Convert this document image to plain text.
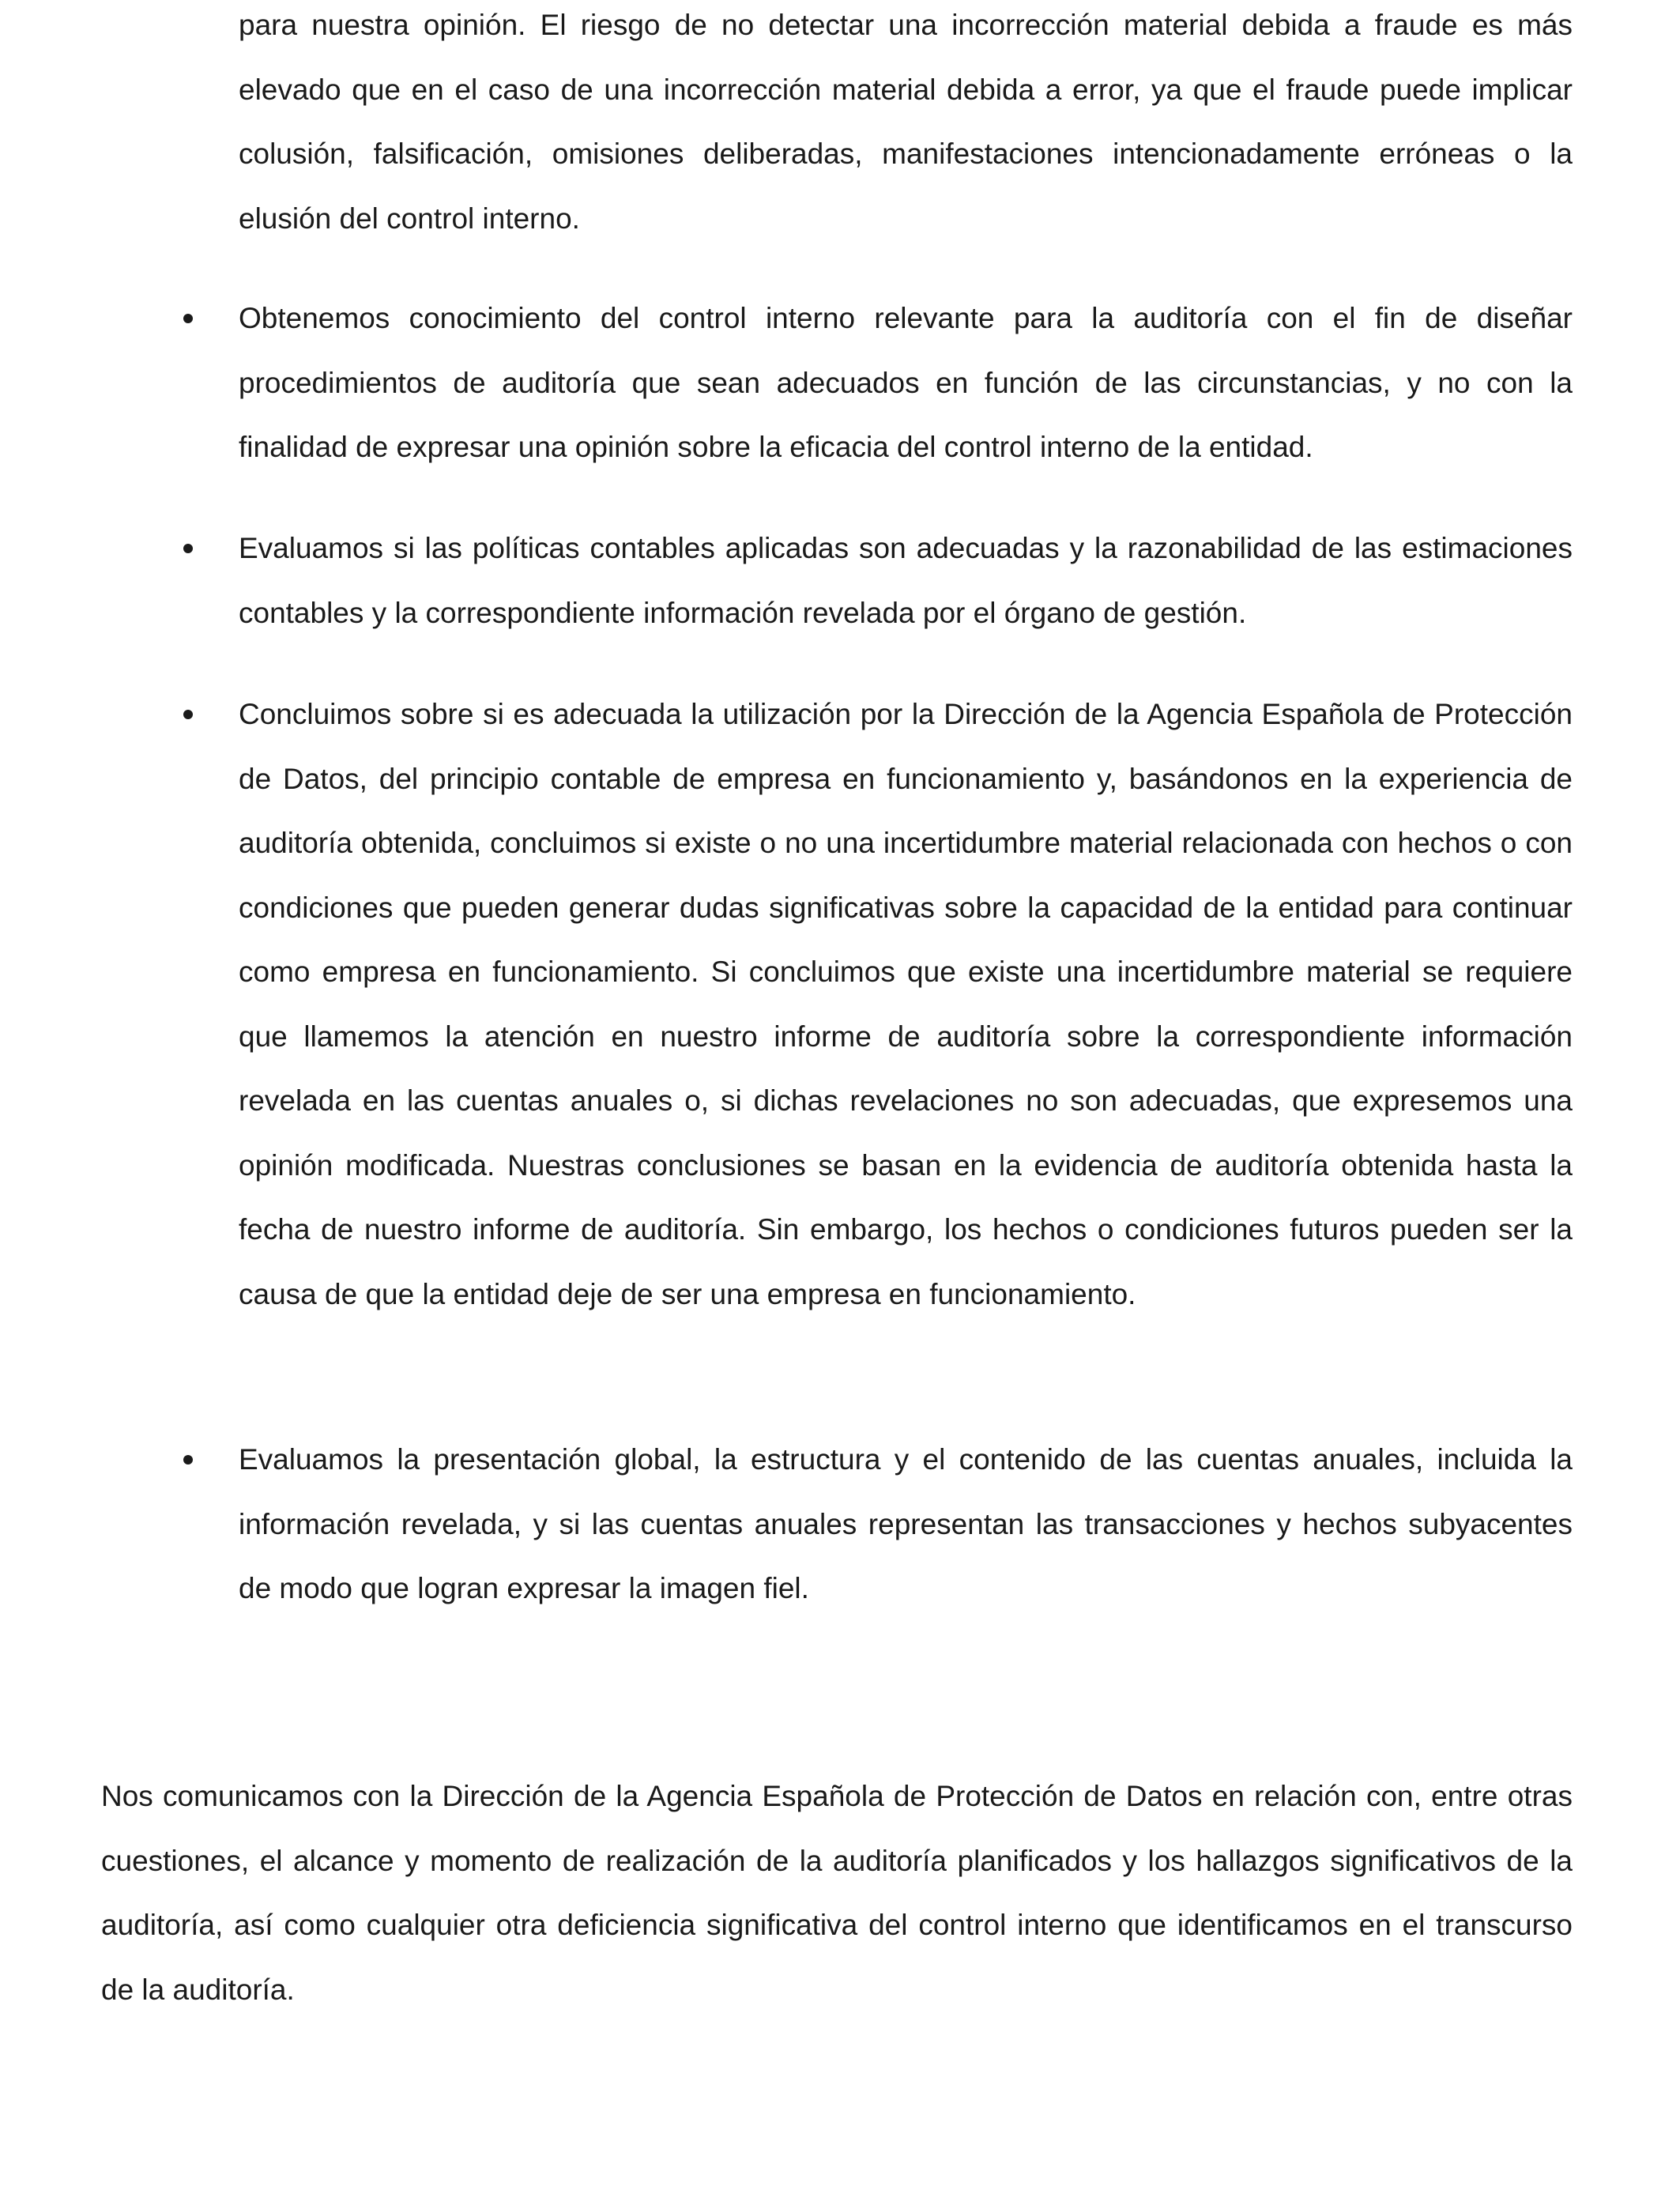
para nuestra opinión. El riesgo de no detectar una incorrección material debida a fraude es más elevado que en el caso de una incorrección material debida a error, ya que el fraude puede implicar colusión, falsificación, omisiones deliberadas, manifestaciones intencionadamente erróneas o la elusión del control interno.

Obtenemos conocimiento del control interno relevante para la auditoría con el fin de diseñar procedimientos de auditoría que sean adecuados en función de las circunstancias, y no con la finalidad de expresar una opinión sobre la eficacia del control interno de la entidad.
Evaluamos si las políticas contables aplicadas son adecuadas y la razonabilidad de las estimaciones contables y la correspondiente información revelada por el órgano de gestión.
Concluimos sobre si es adecuada la utilización por la Dirección de la Agencia Española de Protección de Datos, del principio contable de empresa en funcionamiento y, basándonos en la experiencia de auditoría obtenida, concluimos si existe o no una incertidumbre material relacionada con hechos o con condiciones que pueden generar dudas significativas sobre la capacidad de la entidad para continuar como empresa en funcionamiento. Si concluimos que existe una incertidumbre material se requiere que llamemos la atención en nuestro informe de auditoría sobre la correspondiente información revelada en las cuentas anuales o, si dichas revelaciones no son adecuadas, que expresemos una opinión modificada. Nuestras conclusiones se basan en la evidencia de auditoría obtenida hasta la fecha de nuestro informe de auditoría. Sin embargo, los hechos o condiciones futuros pueden ser la causa de que la entidad deje de ser una empresa en funcionamiento.
Evaluamos la presentación global, la estructura y el contenido de las cuentas anuales, incluida la información revelada, y si las cuentas anuales representan las transacciones y hechos subyacentes de modo que logran expresar la imagen fiel.

Nos comunicamos con la Dirección de la Agencia Española de Protección de Datos en relación con, entre otras cuestiones, el alcance y momento de realización de la auditoría planificados y los hallazgos significativos de la auditoría, así como cualquier otra deficiencia significativa del control interno que identificamos en el transcurso de la auditoría.
